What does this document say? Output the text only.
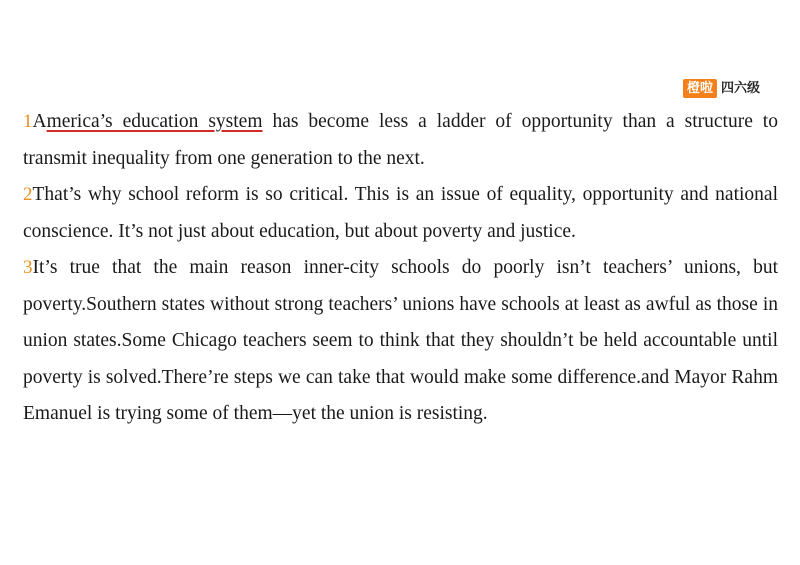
橙啦 四六级

1America’s education system has become less a ladder of opportunity than a structure to transmit inequality from one generation to the next.

2That’s why school reform is so critical. This is an issue of equality, opportunity and national conscience. It’s not just about education, but about poverty and justice.

3It’s true that the main reason inner-city schools do poorly isn’t teachers’ unions, but poverty.Southern states without strong teachers’ unions have schools at least as awful as those in union states.Some Chicago teachers seem to think that they shouldn’t be held accountable until poverty is solved.There’re steps we can take that would make some difference.and Mayor Rahm Emanuel is trying some of them—yet the union is resisting.
